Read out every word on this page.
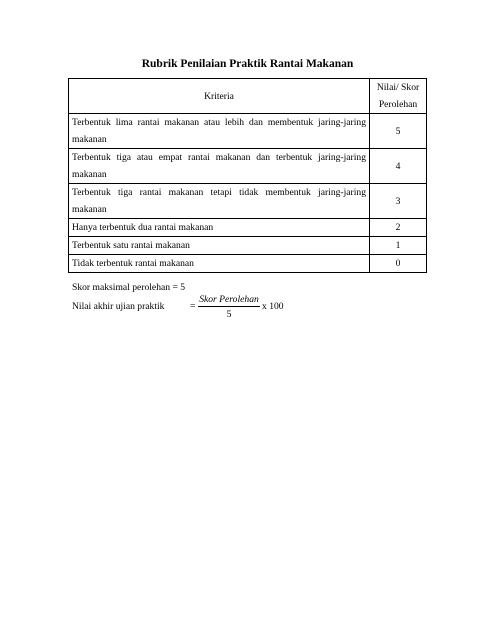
Rubrik Penilaian Praktik Rantai Makanan
Kriteria	Nilai/ Skor
Perolehan
Terbentuk lima rantai makanan atau lebih dan membentuk jaring-jaring makanan	5
Terbentuk tiga atau empat rantai makanan dan terbentuk jaring-jaring makanan	4
Terbentuk tiga rantai makanan tetapi tidak membentuk jaring-jaring makanan	3
Hanya terbentuk dua rantai makanan	2
Terbentuk satu rantai makanan	1
Tidak terbentuk rantai makanan	0
Skor maksimal perolehan = 5
Nilai akhir ujian praktik	=
Skor Perolehan
5
x 100
